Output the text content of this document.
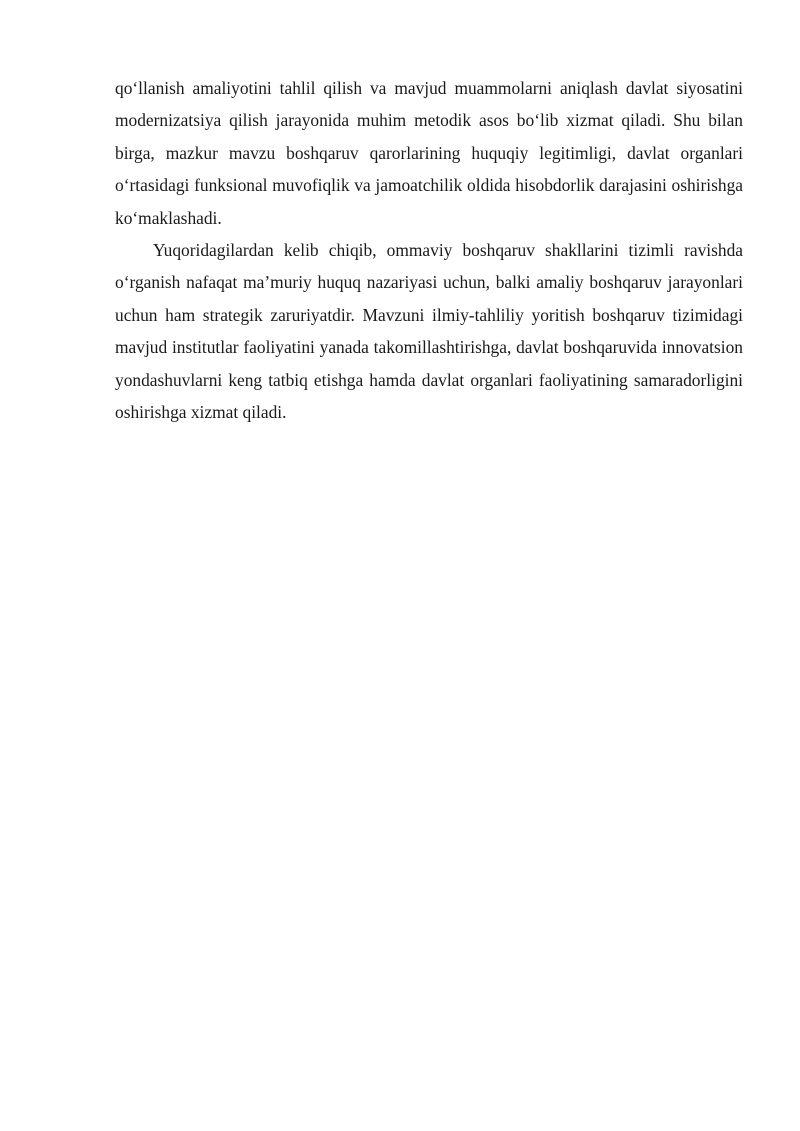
qo‘llanish amaliyotini tahlil qilish va mavjud muammolarni aniqlash davlat siyosatini modernizatsiya qilish jarayonida muhim metodik asos bo‘lib xizmat qiladi. Shu bilan birga, mazkur mavzu boshqaruv qarorlarining huquqiy legitimligi, davlat organlari o‘rtasidagi funksional muvofiqlik va jamoatchilik oldida hisobdorlik darajasini oshirishga ko‘maklashadi.

Yuqoridagilardan kelib chiqib, ommaviy boshqaruv shakllarini tizimli ravishda o‘rganish nafaqat ma’muriy huquq nazariyasi uchun, balki amaliy boshqaruv jarayonlari uchun ham strategik zaruriyatdir. Mavzuni ilmiy-tahliliy yoritish boshqaruv tizimidagi mavjud institutlar faoliyatini yanada takomillashtirishga, davlat boshqaruvida innovatsion yondashuvlarni keng tatbiq etishga hamda davlat organlari faoliyatining samaradorligini oshirishga xizmat qiladi.
